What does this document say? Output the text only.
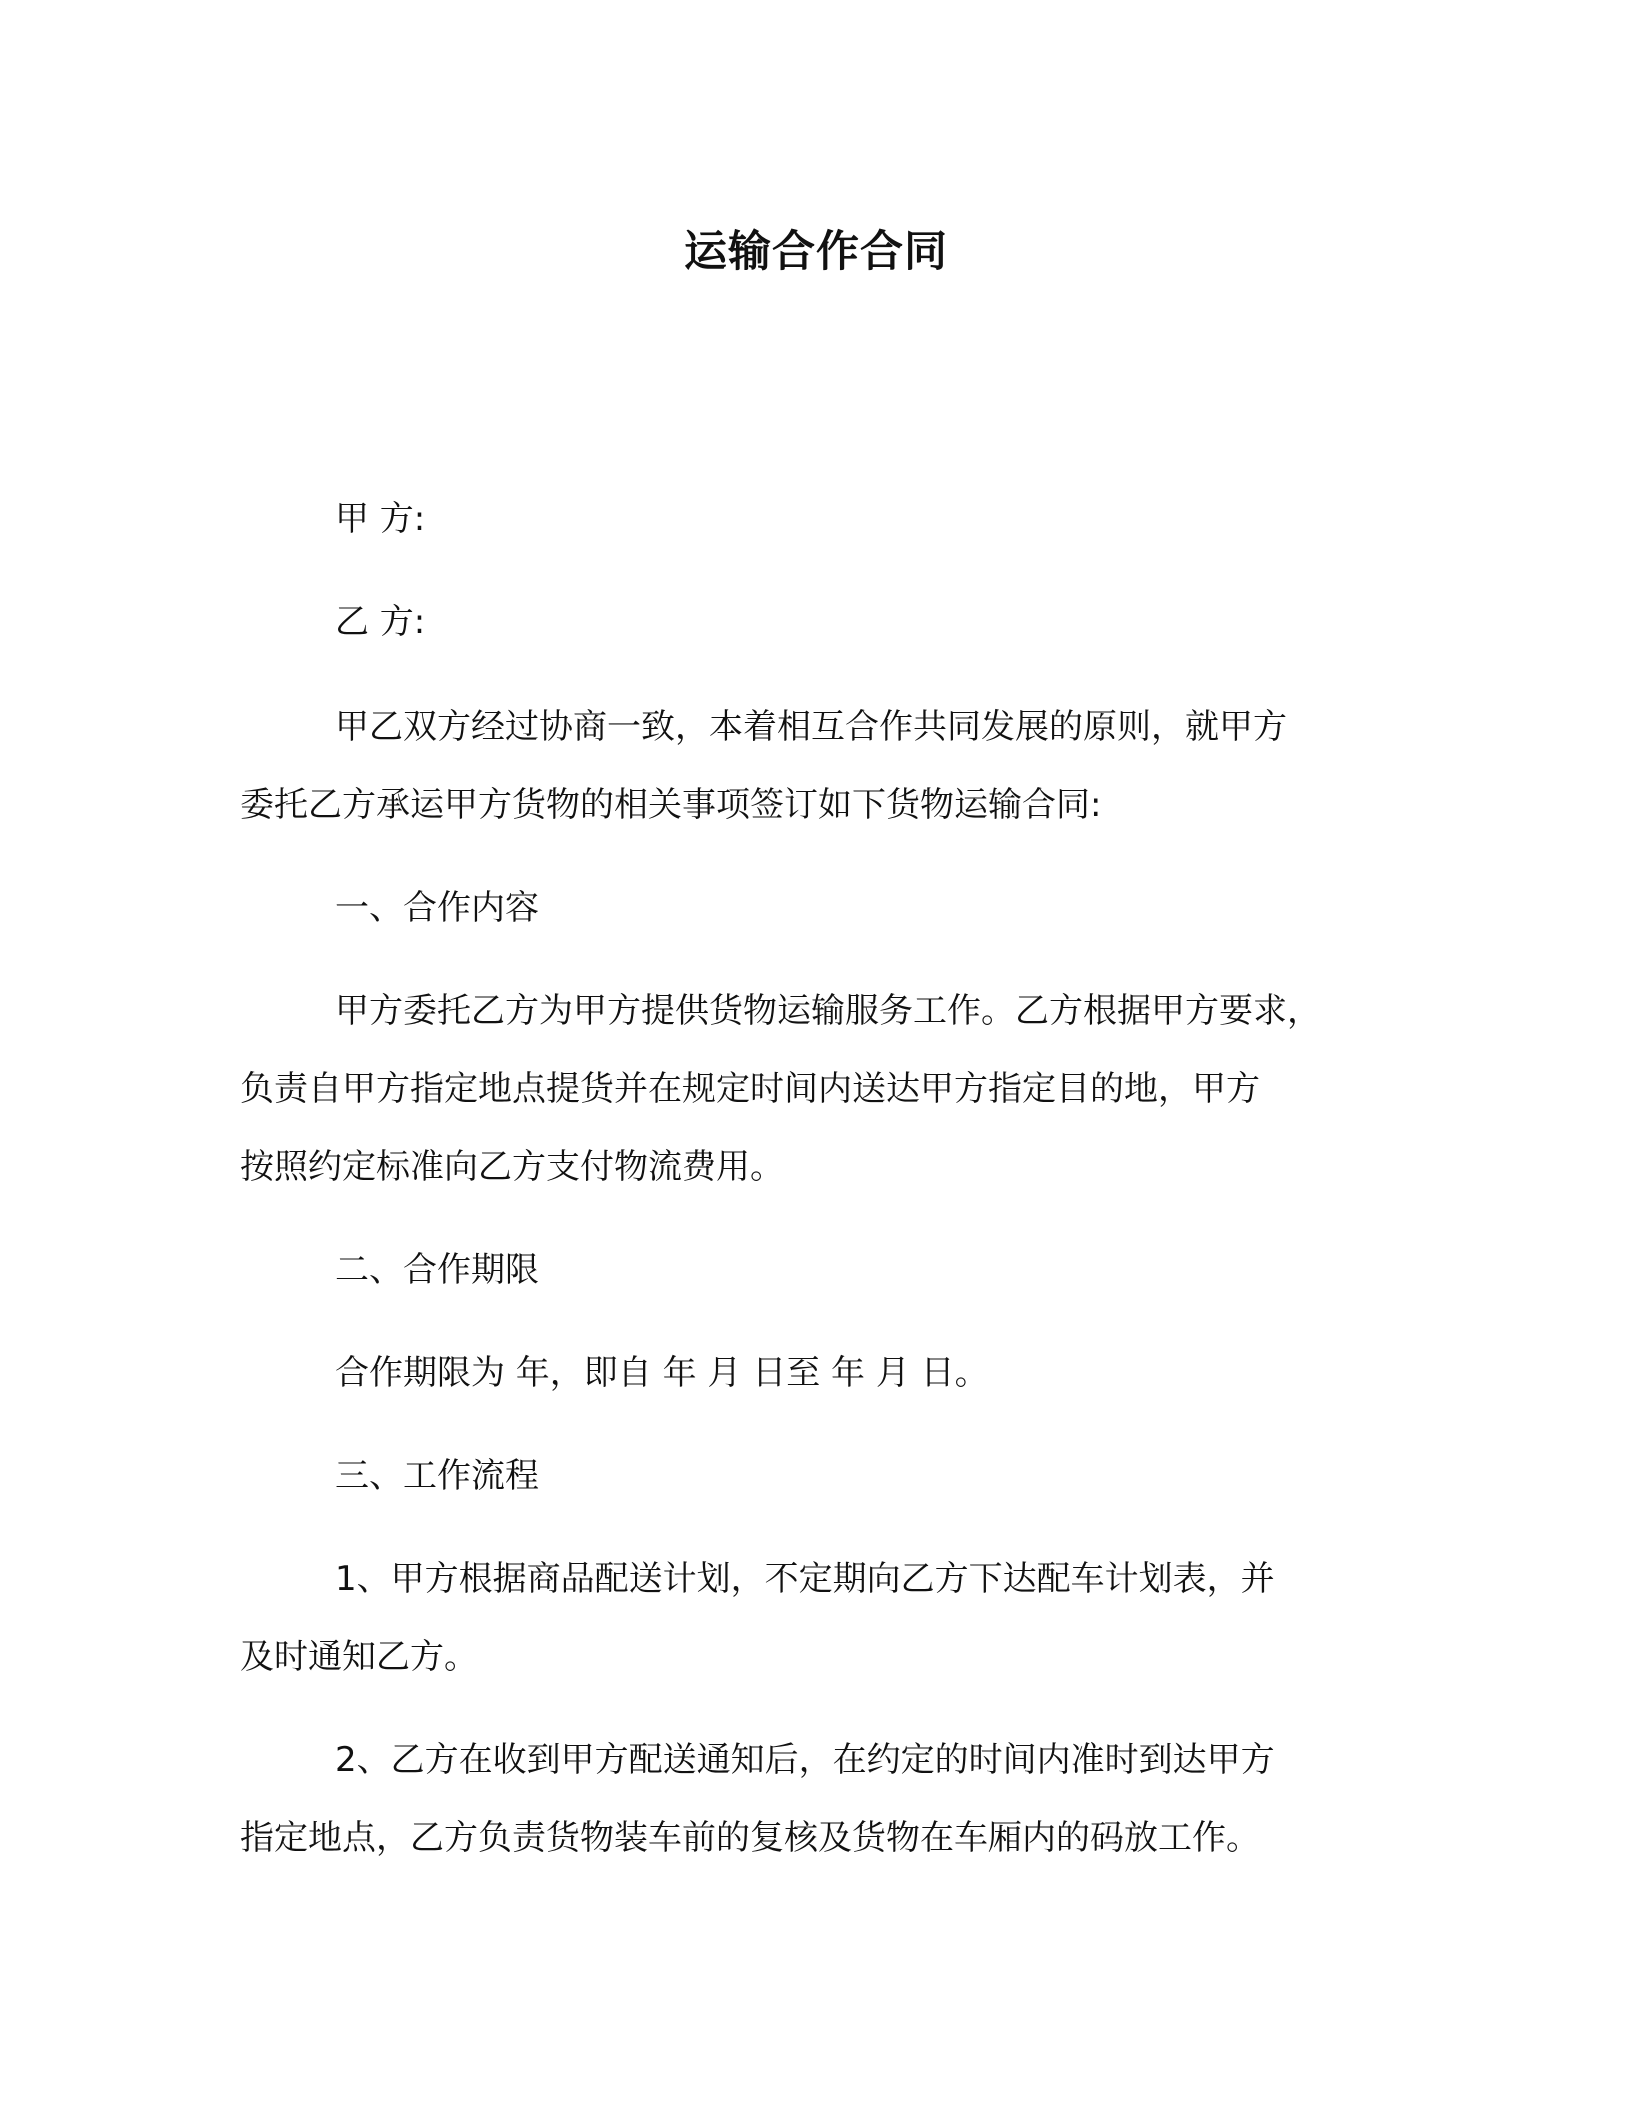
运输合作合同
甲 方:
乙 方:
甲乙双方经过协商一致，本着相互合作共同发展的原则，就甲方
委托乙方承运甲方货物的相关事项签订如下货物运输合同:
一、合作内容
甲方委托乙方为甲方提供货物运输服务工作。乙方根据甲方要求，
负责自甲方指定地点提货并在规定时间内送达甲方指定目的地，甲方
按照约定标准向乙方支付物流费用。
二、合作期限
合作期限为 年，即自 年 月 日至 年 月 日。
三、工作流程
1、甲方根据商品配送计划，不定期向乙方下达配车计划表，并
及时通知乙方。
2、乙方在收到甲方配送通知后，在约定的时间内准时到达甲方
指定地点，乙方负责货物装车前的复核及货物在车厢内的码放工作。
